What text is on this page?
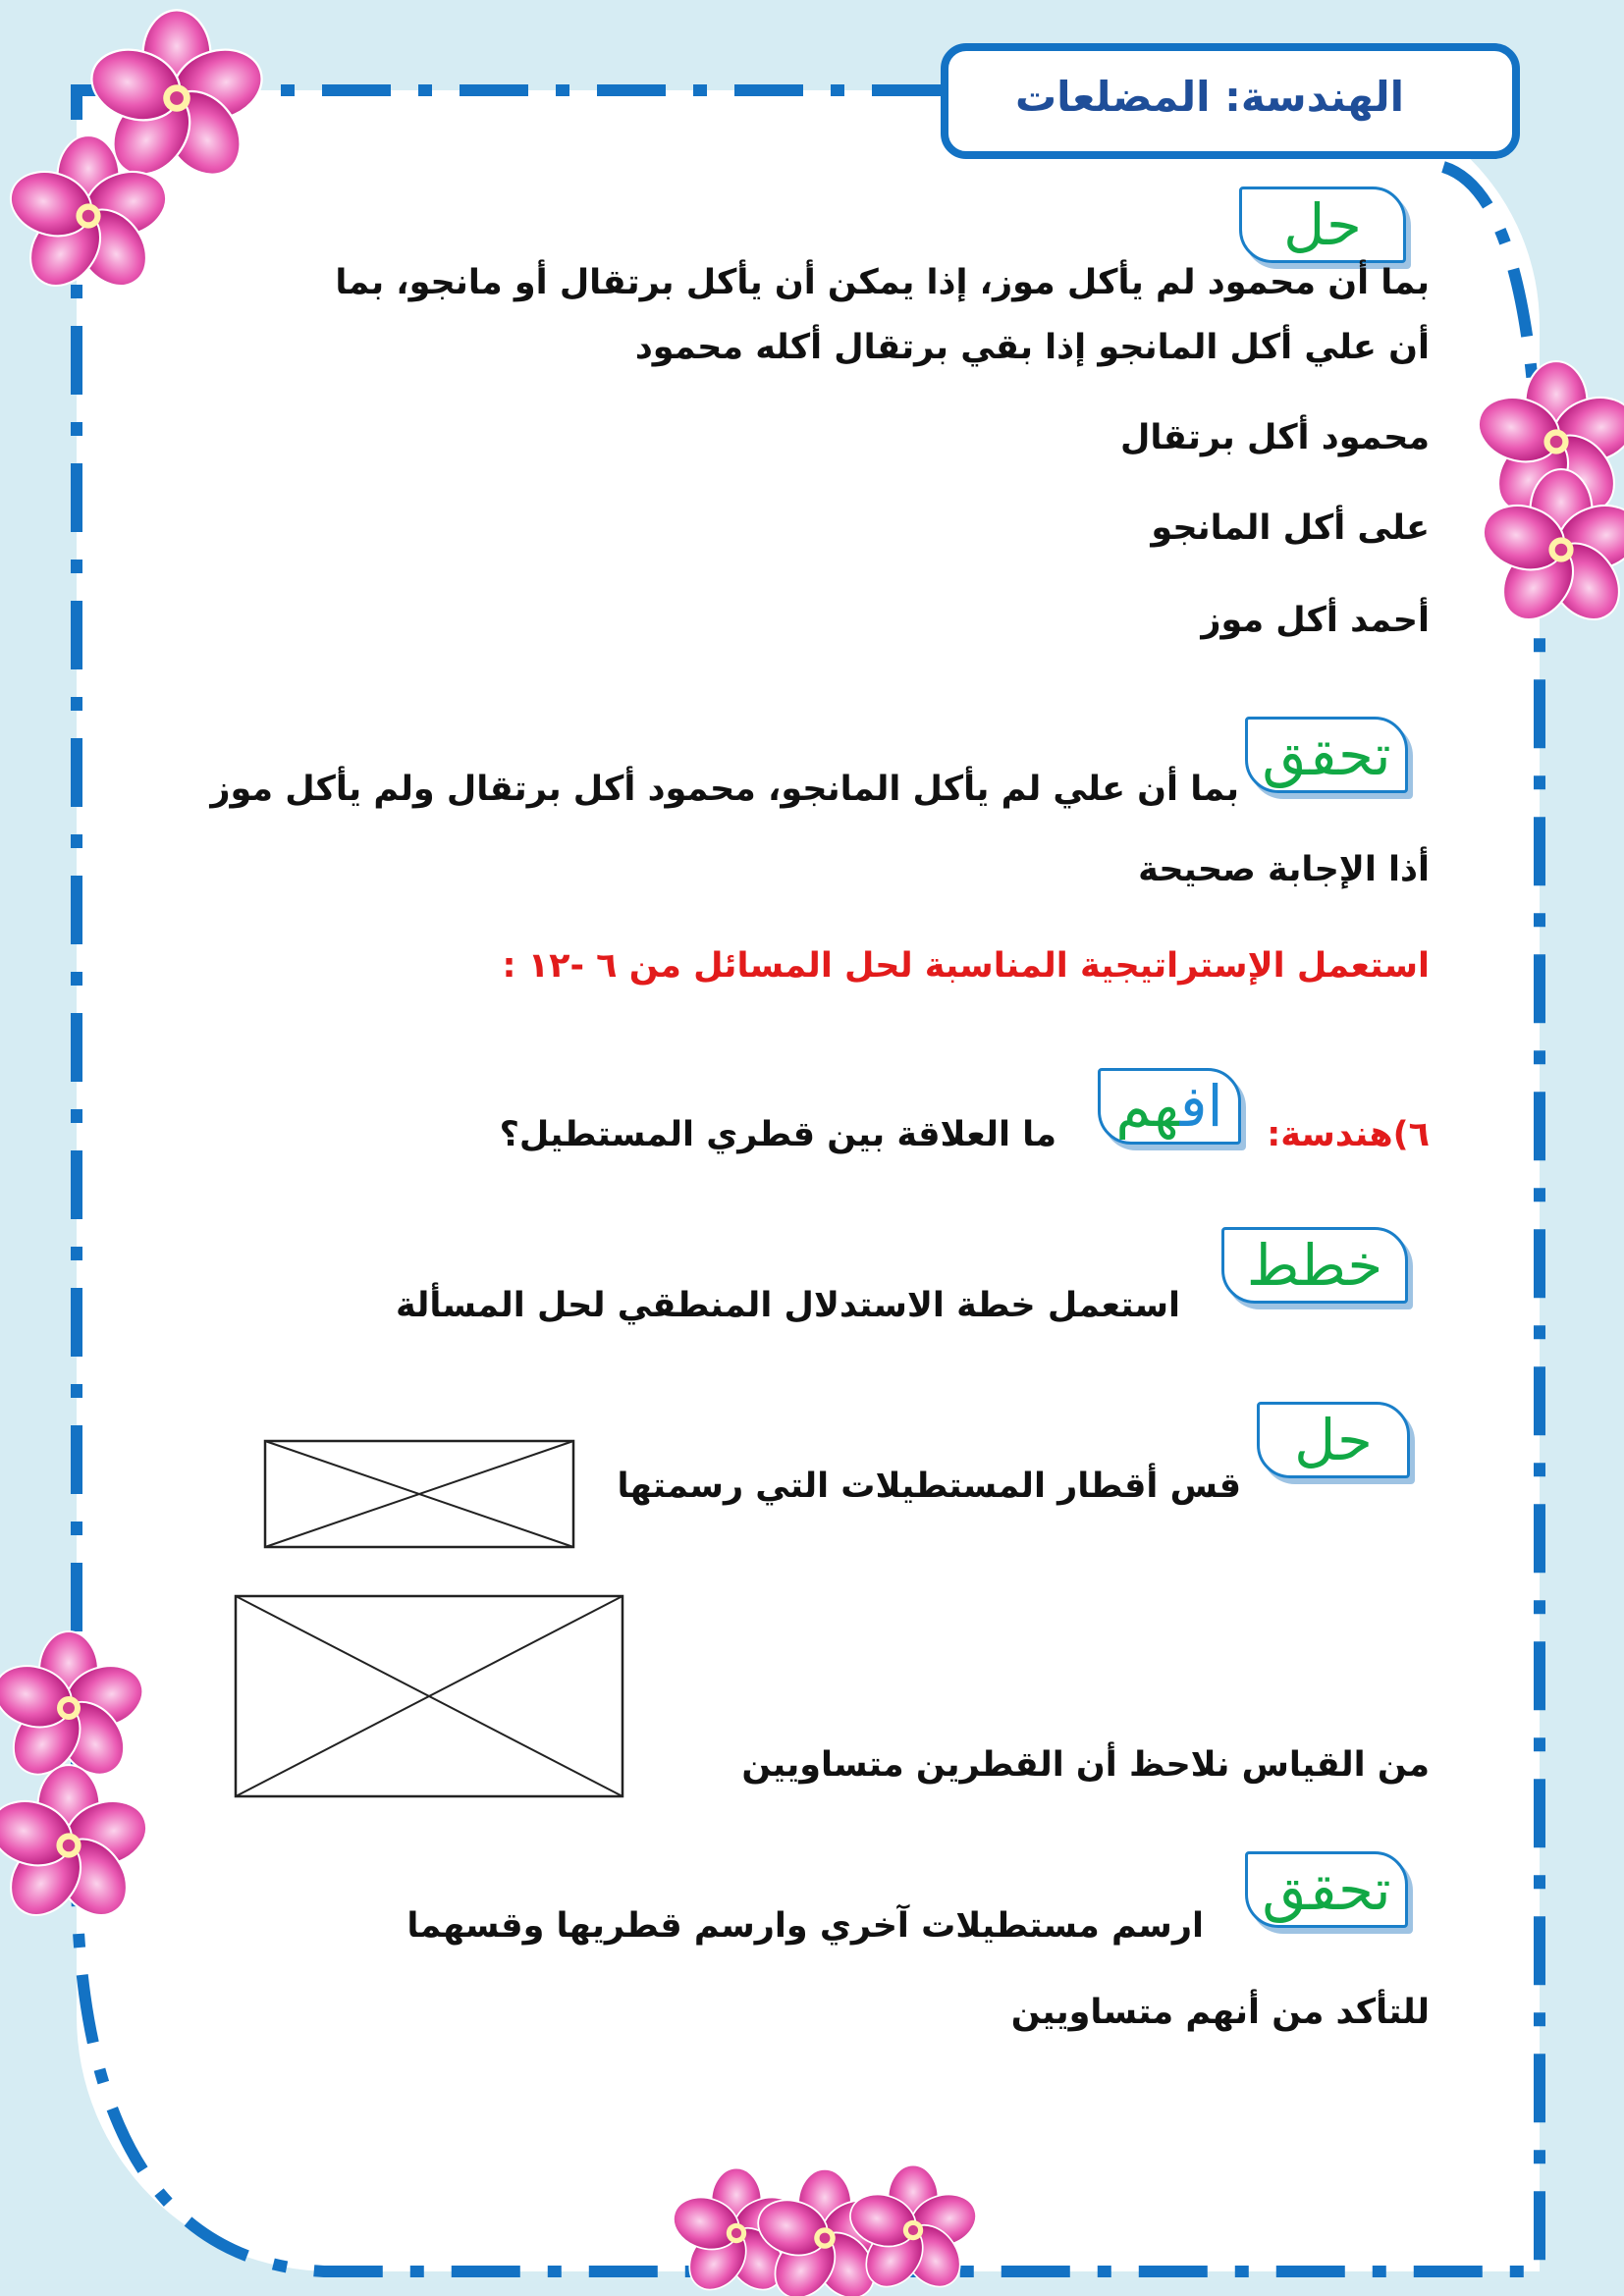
الهندسة: المضلعات
حل
بما أن محمود لم يأكل موز، إذا يمكن أن يأكل برتقال أو مانجو، بما
أن علي أكل المانجو إذا بقي برتقال أكله محمود
محمود أكل برتقال
على أكل المانجو
أحمد أكل موز
تحقق
بما أن علي لم يأكل المانجو، محمود أكل برتقال ولم يأكل موز
أذا الإجابة صحيحة
استعمل الإستراتيجية المناسبة لحل المسائل من ٦ -١٢ :
٦)هندسة:
افهم
ما العلاقة بين قطري المستطيل؟
خطط
استعمل خطة الاستدلال المنطقي لحل المسألة
حل
قس أقطار المستطيلات التي رسمتها
من القياس نلاحظ أن القطرين متساويين
تحقق
ارسم مستطيلات آخري وارسم قطريها وقسهما
للتأكد من أنهم متساويين
